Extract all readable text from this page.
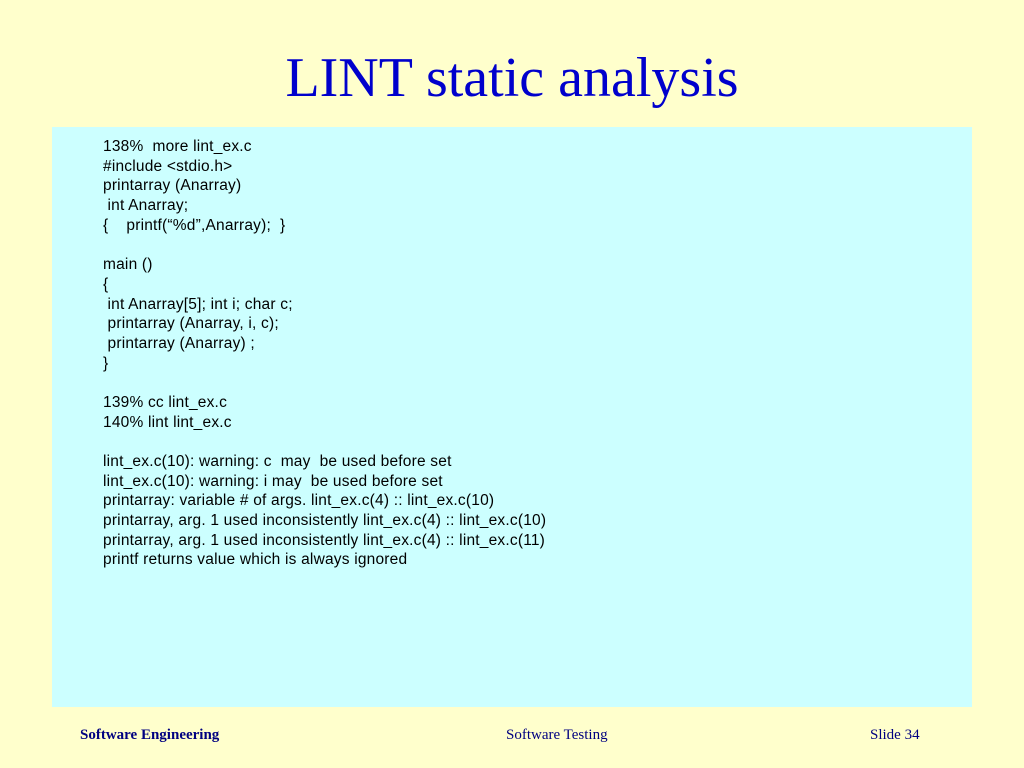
LINT static analysis
138%  more lint_ex.c
#include <stdio.h>
printarray (Anarray)
int Anarray;
{    printf(“%d”,Anarray);  }
main ()
{
int Anarray[5]; int i; char c;
printarray (Anarray, i, c);
printarray (Anarray) ;
}
139% cc lint_ex.c
140% lint lint_ex.c
lint_ex.c(10): warning: c  may  be used before set
lint_ex.c(10): warning: i may  be used before set
printarray: variable # of args. lint_ex.c(4) :: lint_ex.c(10)
printarray, arg. 1 used inconsistently lint_ex.c(4) :: lint_ex.c(10)
printarray, arg. 1 used inconsistently lint_ex.c(4) :: lint_ex.c(11)
printf returns value which is always ignored
Software Engineering	Software Testing	Slide 34
